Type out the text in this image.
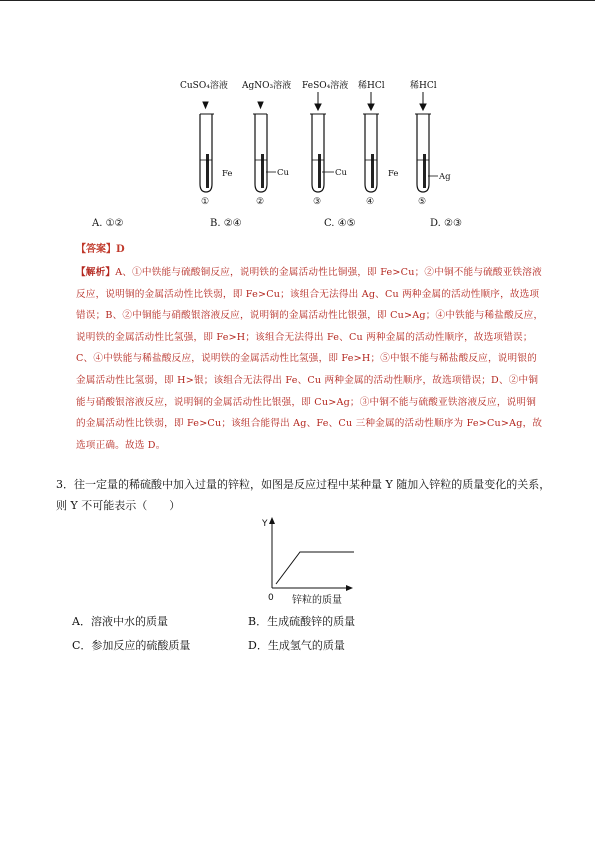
CuSO₄溶液 AgNO₃溶液 FeSO₄溶液 稀HCl	稀HCl
Fe	Cu	Cu	Fe	Ag
①	②	③	④	⑤
A. ①②	B. ②④	C. ④⑤	D. ②③
【答案】D
【解析】A、①中铁能与硫酸铜反应，说明铁的金属活动性比铜强，即 Fe>Cu；②中铜不能与硫酸亚铁溶液反应，说明铜的金属活动性比铁弱，即 Fe>Cu；该组合无法得出 Ag、Cu 两种金属的活动性顺序，故选项错误；B、②中铜能与硝酸银溶液反应，说明铜的金属活动性比银强，即 Cu>Ag；④中铁能与稀盐酸反应，说明铁的金属活动性比氢强，即 Fe>H；该组合无法得出 Fe、Cu 两种金属的活动性顺序，故选项错误；C、④中铁能与稀盐酸反应，说明铁的金属活动性比氢强，即 Fe>H；⑤中银不能与稀盐酸反应，说明银的金属活动性比氢弱，即 H>银；该组合无法得出 Fe、Cu 两种金属的活动性顺序，故选项错误；D、②中铜能与硝酸银溶液反应，说明铜的金属活动性比银强，即 Cu>Ag；③中铜不能与硫酸亚铁溶液反应，说明铜的金属活动性比铁弱，即 Fe>Cu；该组合能得出 Ag、Fe、Cu 三种金属的活动性顺序为 Fe>Cu>Ag，故选项正确。故选 D。
3．往一定量的稀硫酸中加入过量的锌粒，如图是反应过程中某种量 Y 随加入锌粒的质量变化的关系，则 Y 不可能表示（　　）
Y
0 锌粒的质量
A．溶液中水的质量	B．生成硫酸锌的质量
C．参加反应的硫酸质量	D．生成氢气的质量
